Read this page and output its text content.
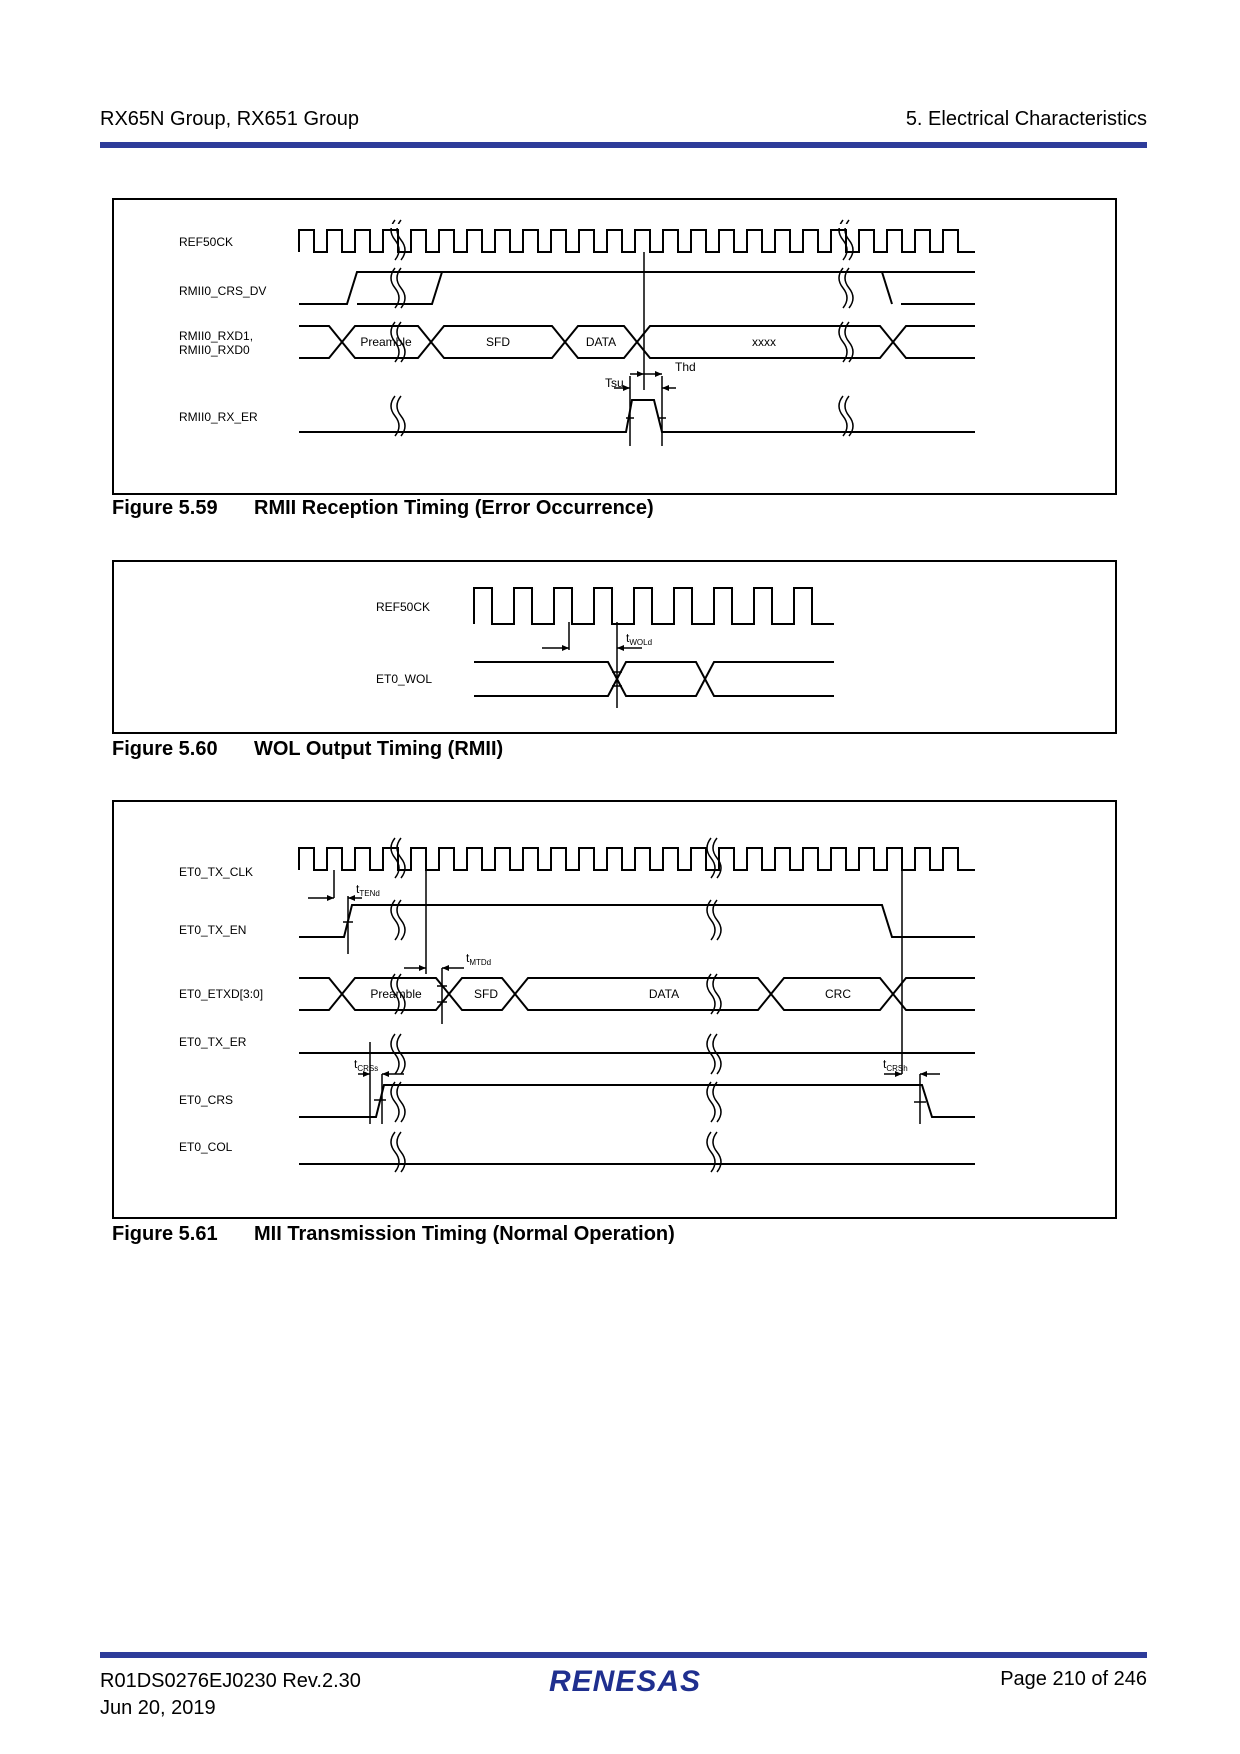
RX65N Group, RX651 Group	5. Electrical Characteristics
REF50CK
RMII0_CRS_DV
RMII0_RXD1,
RMII0_RXD0
RMII0_RX_ER
Preamble	SFD	DATA	xxxx
Tsu
Thd
Figure 5.59 RMII Reception Timing (Error Occurrence)
REF50CK
ET0_WOL
$t_{WOLd}$
Figure 5.60 WOL Output Timing (RMII)
ET0_TX_CLK
ET0_TX_EN
ET0_ETXD[3:0]
ET0_TX_ER
ET0_CRS
ET0_COL
Preamble	SFD	DATA	CRC
$t_{TENd}$
$t_{MTDd}$
$t_{CRSs}$	$t_{CRSh}$
Figure 5.61 MII Transmission Timing (Normal Operation)
R01DS0276EJ0230 Rev.2.30
Jun 20, 2019
RENESAS	Page 210 of 246
